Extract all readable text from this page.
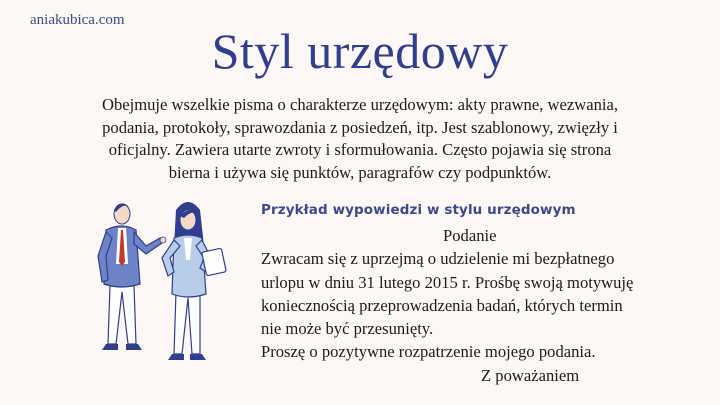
aniakubica.com
Styl urzędowy
Obejmuje wszelkie pisma o charakterze urzędowym: akty prawne, wezwania,
podania, protokoły, sprawozdania z posiedzeń, itp. Jest szablonowy, zwięzły i
oficjalny. Zawiera utarte zwroty i sformułowania. Często pojawia się strona
bierna i używa się punktów, paragrafów czy podpunktów.
Przykład wypowiedzi w stylu urzędowym
Podanie
Zwracam się z uprzejmą o udzielenie mi bezpłatnego
urlopu w dniu 31 lutego 2015 r. Prośbę swoją motywuję
koniecznością przeprowadzenia badań, których termin
nie może być przesunięty.
Proszę o pozytywne rozpatrzenie mojego podania.
Z poważaniem
